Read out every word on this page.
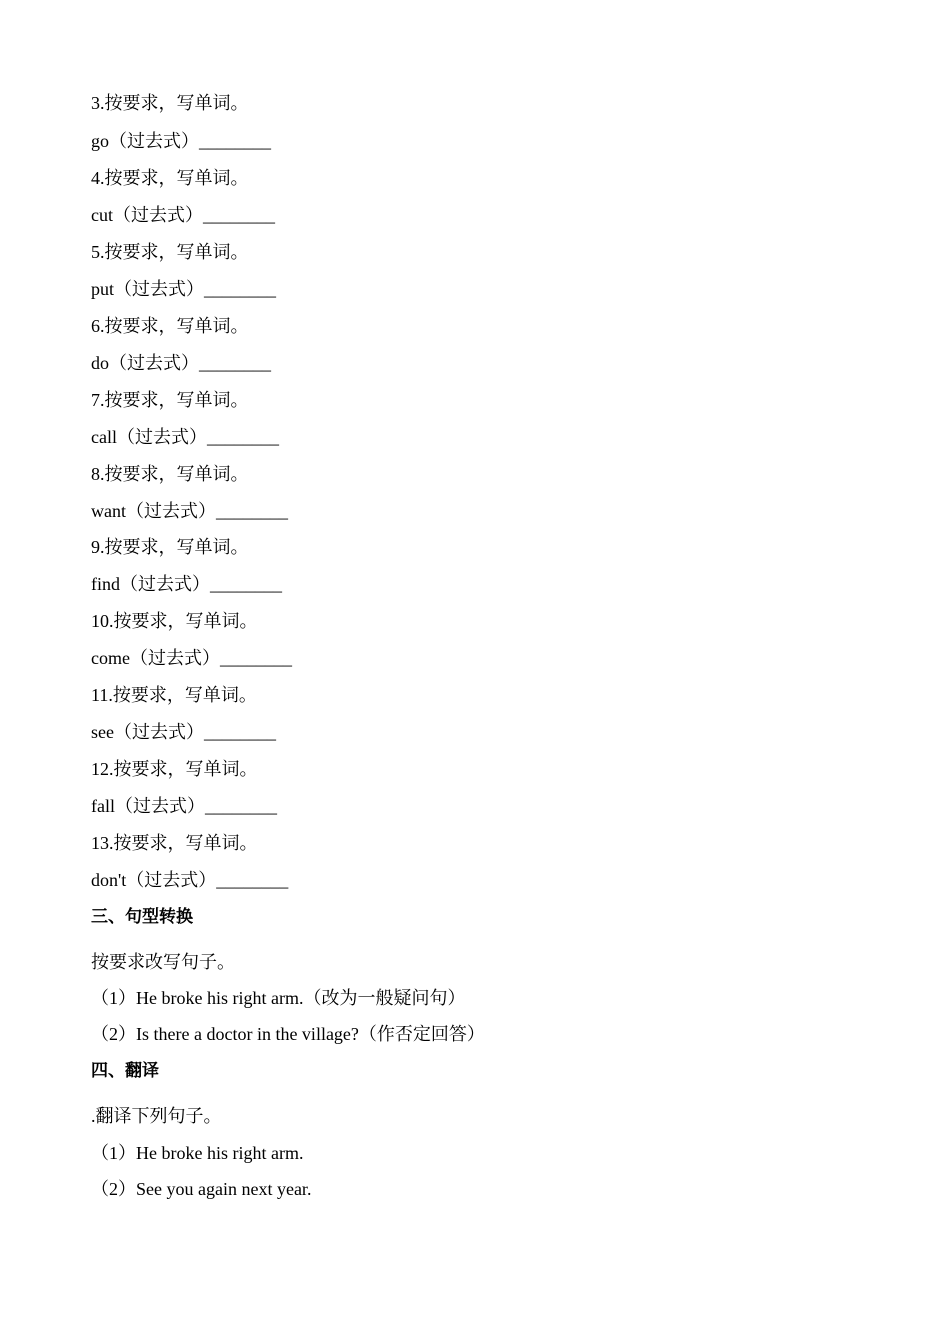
3.按要求，写单词。
go（过去式）________
4.按要求，写单词。
cut（过去式）________
5.按要求，写单词。
put（过去式）________
6.按要求，写单词。
do（过去式）________
7.按要求，写单词。
call（过去式）________
8.按要求，写单词。
want（过去式）________
9.按要求，写单词。
find（过去式）________
10.按要求，写单词。
come（过去式）________
11.按要求，写单词。
see（过去式）________
12.按要求，写单词。
fall（过去式）________
13.按要求，写单词。
don't（过去式）________
三、句型转换
按要求改写句子。
（1）He broke his right arm.（改为一般疑问句）
（2）Is there a doctor in the village?（作否定回答）
四、翻译
.翻译下列句子。
（1）He broke his right arm.
（2）See you again next year.
